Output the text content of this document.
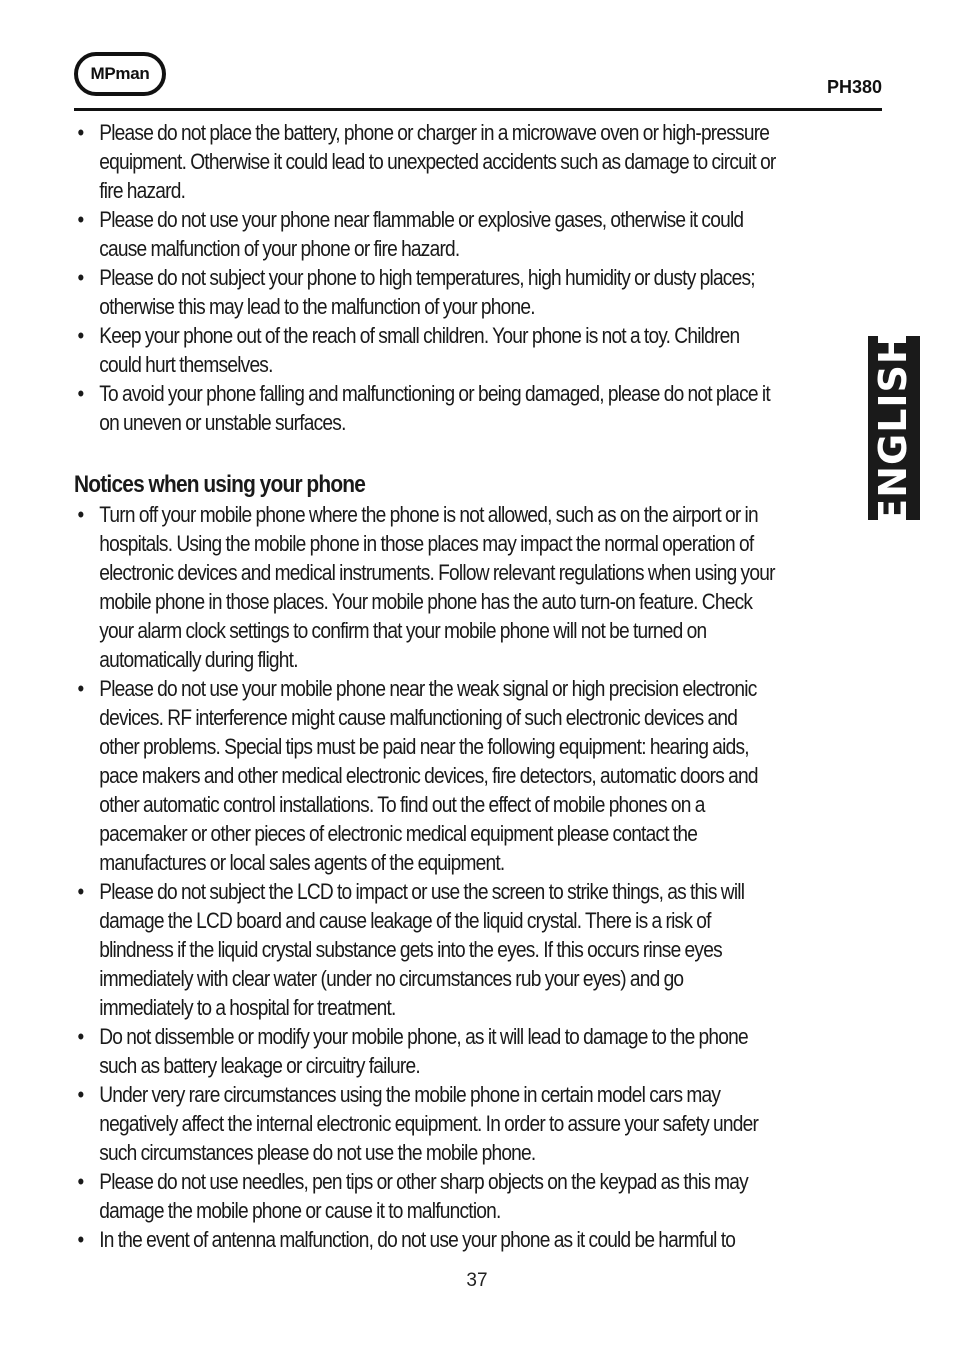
MPman
PH380
ENGLISH
• Please do not place the battery, phone or charger in a microwave oven or high-pressure equipment. Otherwise it could lead to unexpected accidents such as damage to circuit or fire hazard.
• Please do not use your phone near flammable or explosive gases, otherwise it could cause malfunction of your phone or fire hazard.
• Please do not subject your phone to high temperatures, high humidity or dusty places; otherwise this may lead to the malfunction of your phone.
• Keep your phone out of the reach of small children. Your phone is not a toy. Children could hurt themselves.
• To avoid your phone falling and malfunctioning or being damaged, please do not place it on uneven or unstable surfaces.
Notices when using your phone
• Turn off your mobile phone where the phone is not allowed, such as on the airport or in hospitals. Using the mobile phone in those places may impact the normal operation of electronic devices and medical instruments. Follow relevant regulations when using your mobile phone in those places. Your mobile phone has the auto turn-on feature. Check your alarm clock settings to confirm that your mobile phone will not be turned on automatically during flight.
• Please do not use your mobile phone near the weak signal or high precision electronic devices. RF interference might cause malfunctioning of such electronic devices and other problems. Special tips must be paid near the following equipment: hearing aids, pace makers and other medical electronic devices, fire detectors, automatic doors and other automatic control installations. To find out the effect of mobile phones on a pacemaker or other pieces of electronic medical equipment please contact the manufactures or local sales agents of the equipment.
• Please do not subject the LCD to impact or use the screen to strike things, as this will damage the LCD board and cause leakage of the liquid crystal. There is a risk of blindness if the liquid crystal substance gets into the eyes. If this occurs rinse eyes immediately with clear water (under no circumstances rub your eyes) and go immediately to a hospital for treatment.
• Do not dissemble or modify your mobile phone, as it will lead to damage to the phone such as battery leakage or circuitry failure.
• Under very rare circumstances using the mobile phone in certain model cars may negatively affect the internal electronic equipment. In order to assure your safety under such circumstances please do not use the mobile phone.
• Please do not use needles, pen tips or other sharp objects on the keypad as this may damage the mobile phone or cause it to malfunction.
• In the event of antenna malfunction, do not use your phone as it could be harmful to
37
